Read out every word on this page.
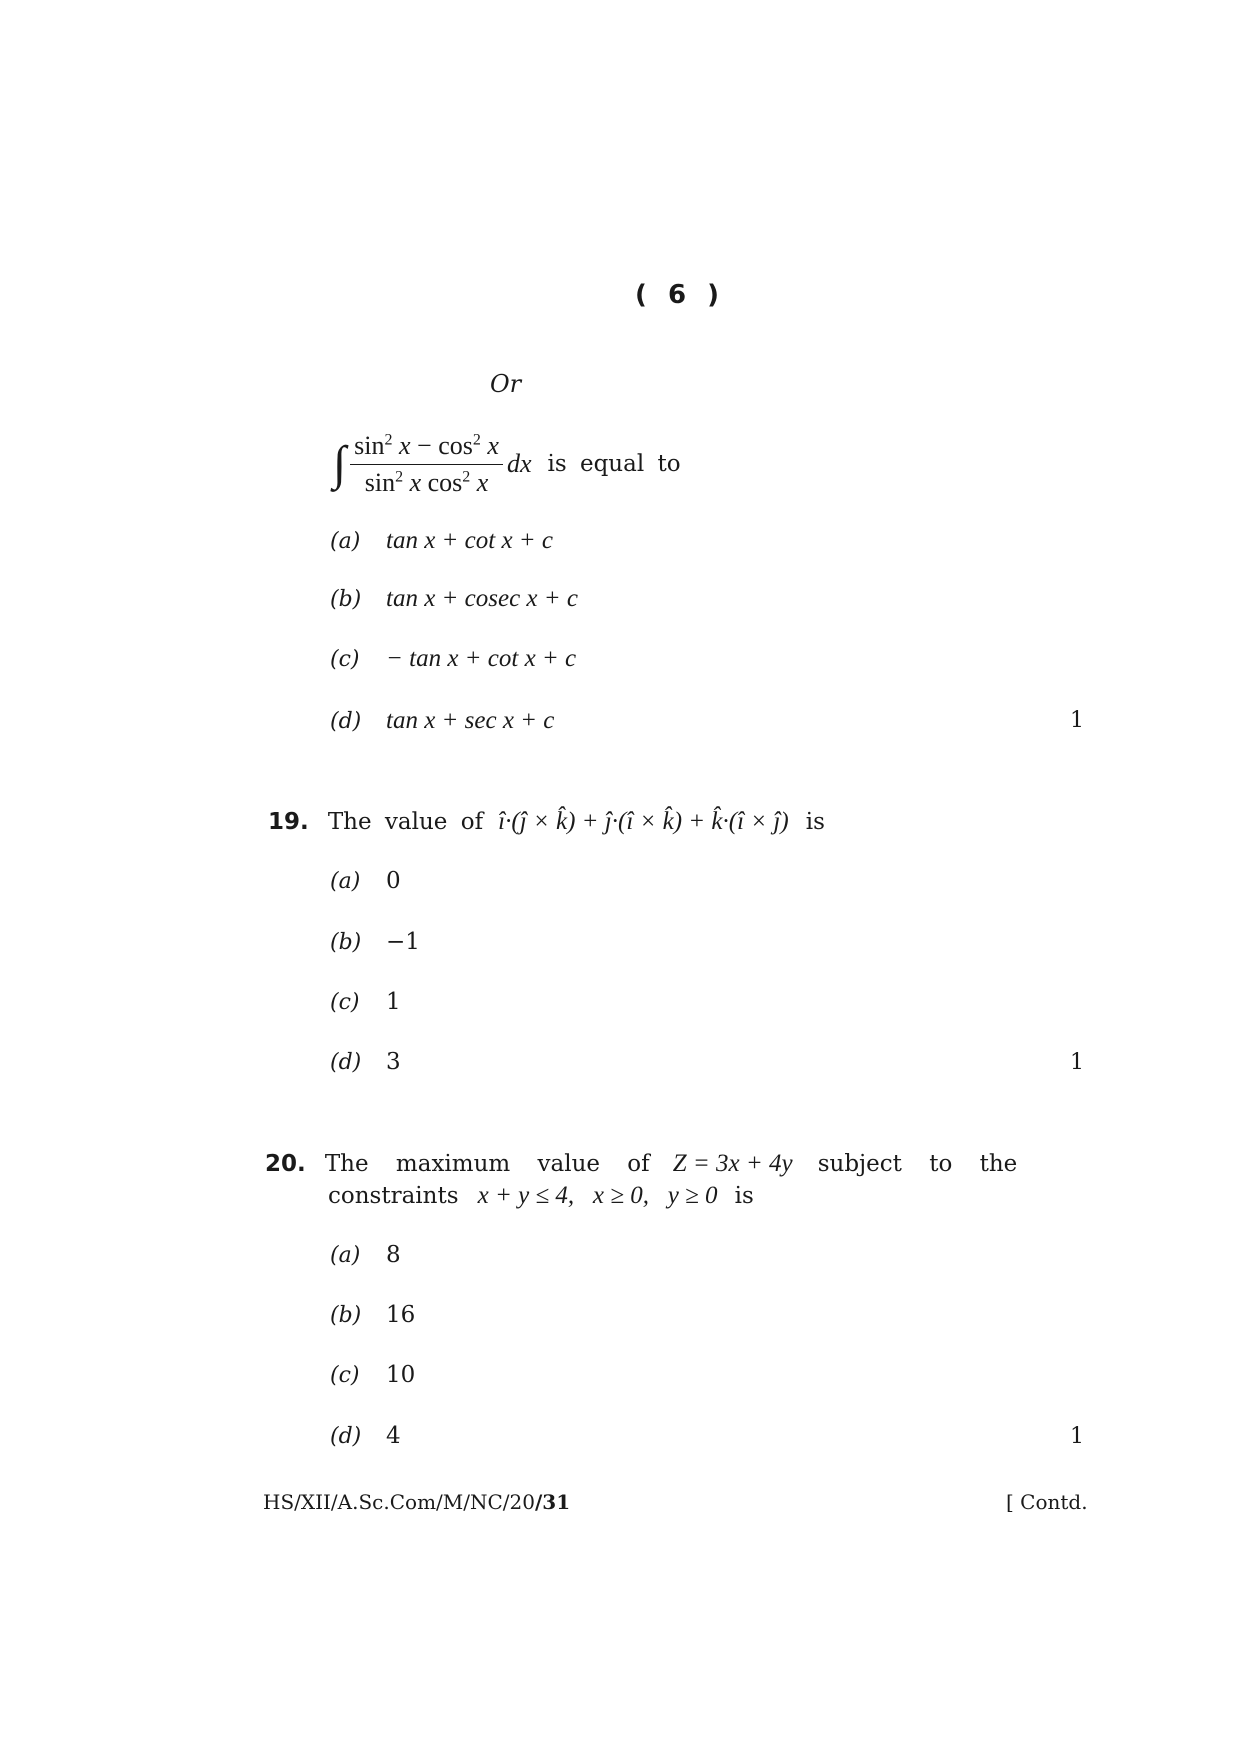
( 6 )
Or
∫ $\frac{\sin^2 x - \cos^2 x}{\sin^2 x \cos^2 x}$ dx is equal to
(a)	tan x + cot x + c
(b) tan x + cosec x + c
(c)	− tan x + cot x + c
(d) tan x + sec x + c	1
19. The value of î·(ĵ × k̂) + ĵ·(î × k̂) + k̂·(î × ĵ) is
(a)	0
(b)	−1
(c)	1
(d)	3	1
20. The maximum value of Z = 3x + 4y subject to the
constraints x + y ≤ 4,   x ≥ 0,   y ≥ 0 is
(a)	8
(b)	16
(c)	10
(d)	4	1
HS/XII/A.Sc.Com/M/NC/20/31	[ Contd.
